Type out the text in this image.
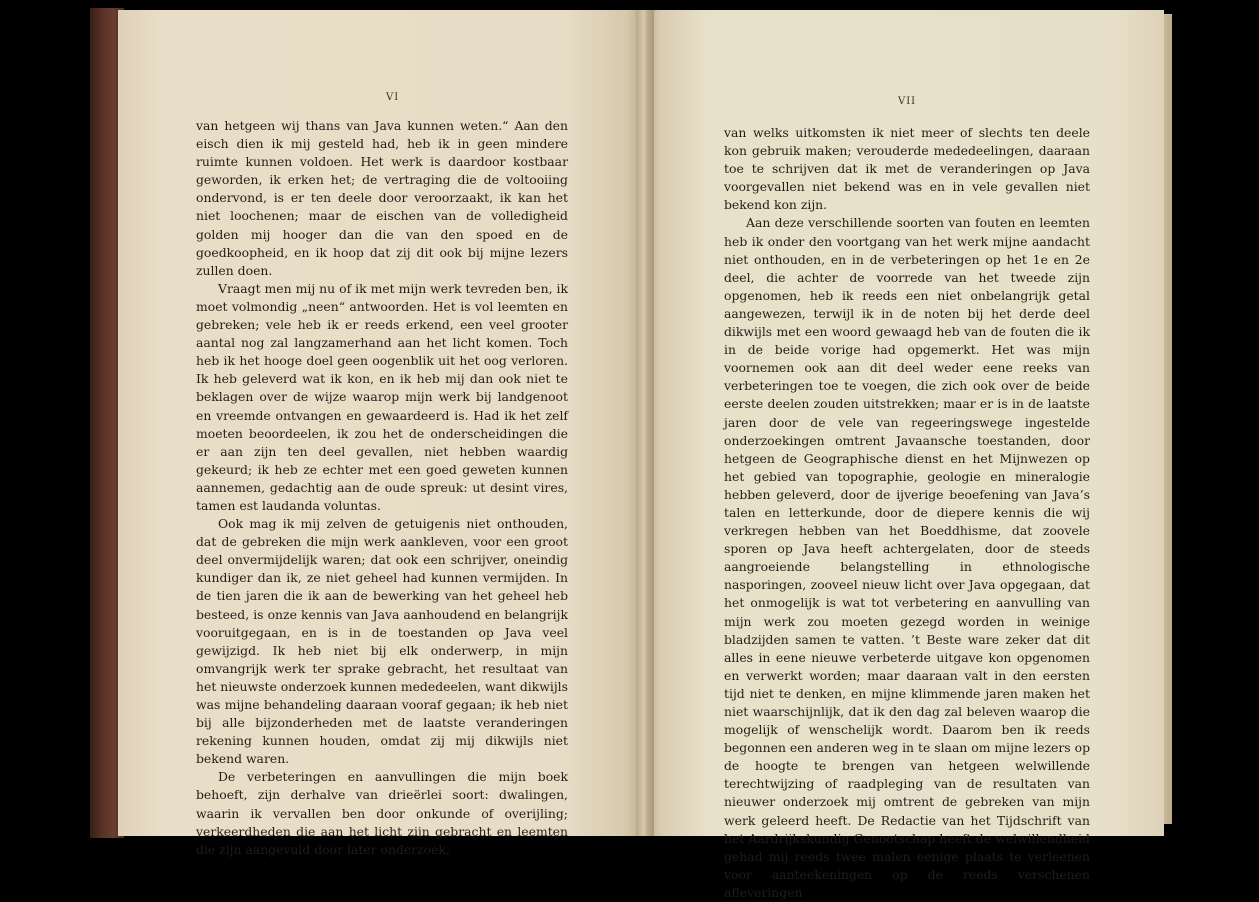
VI	VII

van hetgeen wij thans van Java kunnen weten.“ Aan den eisch dien ik mij gesteld had, heb ik in geen mindere ruimte kunnen voldoen. Het werk is daardoor kostbaar geworden, ik erken het; de vertraging die de voltooiing ondervond, is er ten deele door veroorzaakt, ik kan het niet loochenen; maar de eischen van de volledigheid golden mij hooger dan die van den spoed en de goedkoopheid, en ik hoop dat zij dit ook bij mijne lezers zullen doen.

Vraagt men mij nu of ik met mijn werk tevreden ben, ik moet volmondig „neen“ antwoorden. Het is vol leemten en gebreken; vele heb ik er reeds erkend, een veel grooter aantal nog zal langzamerhand aan het licht komen. Toch heb ik het hooge doel geen oogenblik uit het oog verloren. Ik heb geleverd wat ik kon, en ik heb mij dan ook niet te beklagen over de wijze waarop mijn werk bij landgenoot en vreemde ontvangen en gewaardeerd is. Had ik het zelf moeten beoordeelen, ik zou het de onderscheidingen die er aan zijn ten deel gevallen, niet hebben waardig gekeurd; ik heb ze echter met een goed geweten kunnen aannemen, gedachtig aan de oude spreuk: ut desint vires, tamen est laudanda voluntas.

Ook mag ik mij zelven de getuigenis niet onthouden, dat de gebreken die mijn werk aankleven, voor een groot deel onvermijdelijk waren; dat ook een schrijver, oneindig kundiger dan ik, ze niet geheel had kunnen vermijden. In de tien jaren die ik aan de bewerking van het geheel heb besteed, is onze kennis van Java aanhoudend en belangrijk vooruitgegaan, en is in de toestanden op Java veel gewijzigd. Ik heb niet bij elk onderwerp, in mijn omvangrijk werk ter sprake gebracht, het resultaat van het nieuwste onderzoek kunnen mededeelen, want dikwijls was mijne behandeling daaraan vooraf gegaan; ik heb niet bij alle bijzonderheden met de laatste veranderingen rekening kunnen houden, omdat zij mij dikwijls niet bekend waren.

De verbeteringen en aanvullingen die mijn boek behoeft, zijn derhalve van drieërlei soort: dwalingen, waarin ik vervallen ben door onkunde of overijling; verkeerdheden die aan het licht zijn gebracht en leemten die zijn aangevuld door later onderzoek,

van welks uitkomsten ik niet meer of slechts ten deele kon gebruik maken; verouderde mededeelingen, daaraan toe te schrijven dat ik met de veranderingen op Java voorgevallen niet bekend was en in vele gevallen niet bekend kon zijn.

Aan deze verschillende soorten van fouten en leemten heb ik onder den voortgang van het werk mijne aandacht niet onthouden, en in de verbeteringen op het 1e en 2e deel, die achter de voorrede van het tweede zijn opgenomen, heb ik reeds een niet onbelangrijk getal aangewezen, terwijl ik in de noten bij het derde deel dikwijls met een woord gewaagd heb van de fouten die ik in de beide vorige had opgemerkt. Het was mijn voornemen ook aan dit deel weder eene reeks van verbeteringen toe te voegen, die zich ook over de beide eerste deelen zouden uitstrekken; maar er is in de laatste jaren door de vele van regeeringswege ingestelde onderzoekingen omtrent Javaansche toestanden, door hetgeen de Geographische dienst en het Mijnwezen op het gebied van topographie, geologie en mineralogie hebben geleverd, door de ijverige beoefening van Java’s talen en letterkunde, door de diepere kennis die wij verkregen hebben van het Boeddhisme, dat zoovele sporen op Java heeft achtergelaten, door de steeds aangroeiende belangstelling in ethnologische nasporingen, zooveel nieuw licht over Java opgegaan, dat het onmogelijk is wat tot verbetering en aanvulling van mijn werk zou moeten gezegd worden in weinige bladzijden samen te vatten. ’t Beste ware zeker dat dit alles in eene nieuwe verbeterde uitgave kon opgenomen en verwerkt worden; maar daaraan valt in den eersten tijd niet te denken, en mijne klimmende jaren maken het niet waarschijnlijk, dat ik den dag zal beleven waarop die mogelijk of wenschelijk wordt. Daarom ben ik reeds begonnen een anderen weg in te slaan om mijne lezers op de hoogte te brengen van hetgeen welwillende terechtwijzing of raadpleging van de resultaten van nieuwer onderzoek mij omtrent de gebreken van mijn werk geleerd heeft. De Redactie van het Tijdschrift van het Aardrijkskundig Genootschap heeft de welwillendheid gehad mij reeds twee malen eenige plaats te verleenen voor aanteekeningen op de reeds verschenen afleveringen
